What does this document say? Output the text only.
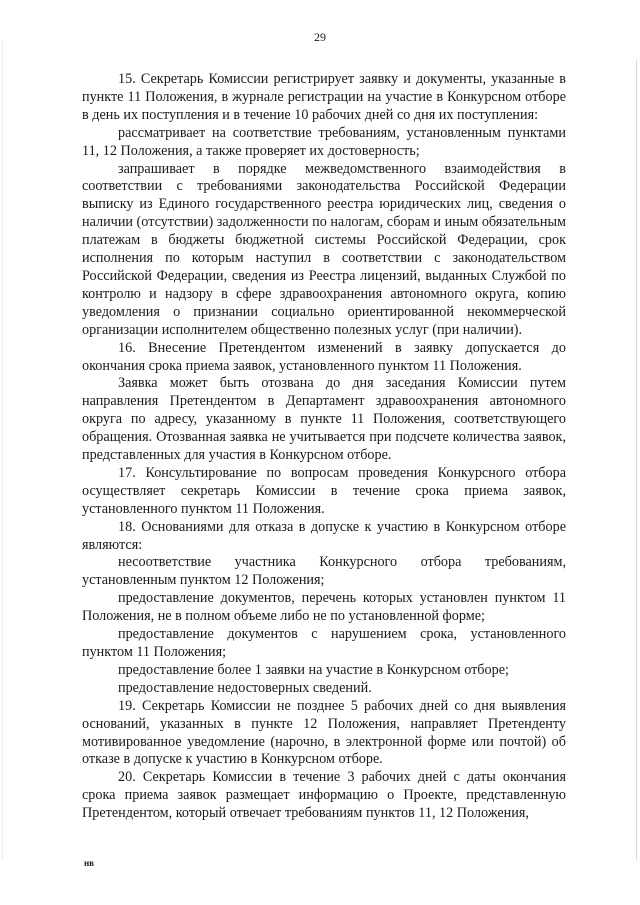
29

15. Секретарь Комиссии регистрирует заявку и документы, указанные в пункте 11 Положения, в журнале регистрации на участие в Конкурсном отборе в день их поступления и в течение 10 рабочих дней со дня их поступления:

рассматривает на соответствие требованиям, установленным пунктами 11, 12 Положения, а также проверяет их достоверность;

запрашивает в порядке межведомственного взаимодействия в соответствии с требованиями законодательства Российской Федерации выписку из Единого государственного реестра юридических лиц, сведения о наличии (отсутствии) задолженности по налогам, сборам и иным обязательным платежам в бюджеты бюджетной системы Российской Федерации, срок исполнения по которым наступил в соответствии с законодательством Российской Федерации, сведения из Реестра лицензий, выданных Службой по контролю и надзору в сфере здравоохранения автономного округа, копию уведомления о признании социально ориентированной некоммерческой организации исполнителем общественно полезных услуг (при наличии).

16. Внесение Претендентом изменений в заявку допускается до окончания срока приема заявок, установленного пунктом 11 Положения.

Заявка может быть отозвана до дня заседания Комиссии путем направления Претендентом в Департамент здравоохранения автономного округа по адресу, указанному в пункте 11 Положения, соответствующего обращения. Отозванная заявка не учитывается при подсчете количества заявок, представленных для участия в Конкурсном отборе.

17. Консультирование по вопросам проведения Конкурсного отбора осуществляет секретарь Комиссии в течение срока приема заявок, установленного пунктом 11 Положения.

18. Основаниями для отказа в допуске к участию в Конкурсном отборе являются:

несоответствие участника Конкурсного отбора требованиям, установленным пунктом 12 Положения;

предоставление документов, перечень которых установлен пунктом 11 Положения, не в полном объеме либо не по установленной форме;

предоставление документов с нарушением срока, установленного пунктом 11 Положения;

предоставление более 1 заявки на участие в Конкурсном отборе;

предоставление недостоверных сведений.

19. Секретарь Комиссии не позднее 5 рабочих дней со дня выявления оснований, указанных в пункте 12 Положения, направляет Претенденту мотивированное уведомление (нарочно, в электронной форме или почтой) об отказе в допуске к участию в Конкурсном отборе.

20. Секретарь Комиссии в течение 3 рабочих дней с даты окончания срока приема заявок размещает информацию о Проекте, представленную Претендентом, который отвечает требованиям пунктов 11, 12 Положения,

нв
